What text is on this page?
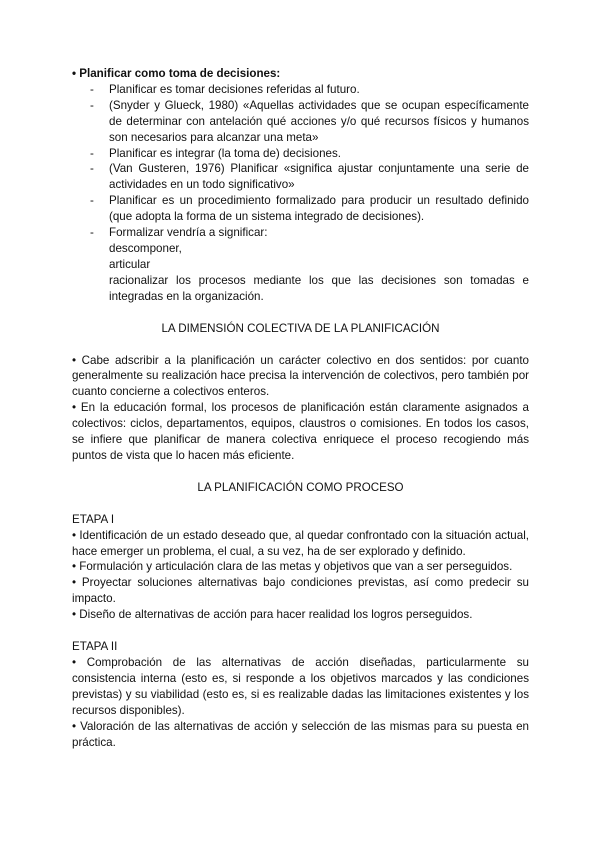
• Planificar como toma de decisiones:

- Planificar es tomar decisiones referidas al futuro.
- (Snyder y Glueck, 1980) «Aquellas actividades que se ocupan específicamente de determinar con antelación qué acciones y/o qué recursos físicos y humanos son necesarios para alcanzar una meta»
- Planificar es integrar (la toma de) decisiones.
- (Van Gusteren, 1976) Planificar «significa ajustar conjuntamente una serie de actividades en un todo significativo»
- Planificar es un procedimiento formalizado para producir un resultado definido (que adopta la forma de un sistema integrado de decisiones).
- Formalizar vendría a significar:

descomponer,

articular

racionalizar los procesos mediante los que las decisiones son tomadas e integradas en la organización.

LA DIMENSIÓN COLECTIVA DE LA PLANIFICACIÓN

• Cabe adscribir a la planificación un carácter colectivo en dos sentidos: por cuanto generalmente su realización hace precisa la intervención de colectivos, pero también por cuanto concierne a colectivos enteros.

• En la educación formal, los procesos de planificación están claramente asignados a colectivos: ciclos, departamentos, equipos, claustros o comisiones. En todos los casos, se infiere que planificar de manera colectiva enriquece el proceso recogiendo más puntos de vista que lo hacen más eficiente.

LA PLANIFICACIÓN COMO PROCESO

ETAPA I

• Identificación de un estado deseado que, al quedar confrontado con la situación actual, hace emerger un problema, el cual, a su vez, ha de ser explorado y definido.

• Formulación y articulación clara de las metas y objetivos que van a ser perseguidos.

• Proyectar soluciones alternativas bajo condiciones previstas, así como predecir su impacto.

• Diseño de alternativas de acción para hacer realidad los logros perseguidos.

ETAPA II

• Comprobación de las alternativas de acción diseñadas, particularmente su consistencia interna (esto es, si responde a los objetivos marcados y las condiciones previstas) y su viabilidad (esto es, si es realizable dadas las limitaciones existentes y los recursos disponibles).

• Valoración de las alternativas de acción y selección de las mismas para su puesta en práctica.
